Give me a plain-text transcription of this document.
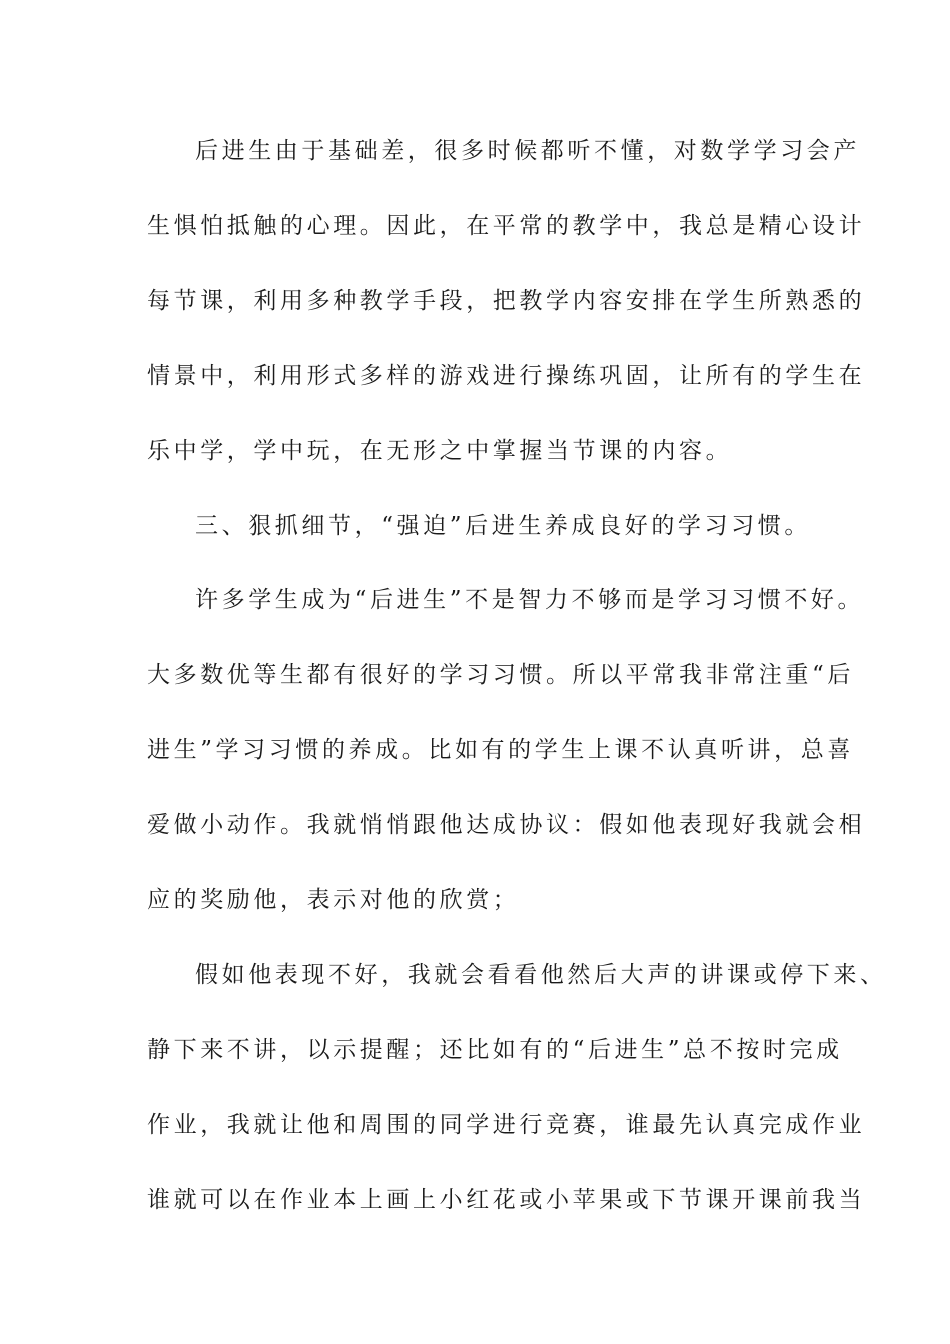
后进生由于基础差，很多时候都听不懂，对数学学习会产
生惧怕抵触的心理。因此，在平常的教学中，我总是精心设计
每节课，利用多种教学手段，把教学内容安排在学生所熟悉的
情景中，利用形式多样的游戏进行操练巩固，让所有的学生在
乐中学，学中玩，在无形之中掌握当节课的内容。
三、狠抓细节，“强迫”后进生养成良好的学习习惯。
许多学生成为“后进生”不是智力不够而是学习习惯不好。
大多数优等生都有很好的学习习惯。所以平常我非常注重“后
进生”学习习惯的养成。比如有的学生上课不认真听讲，总喜
爱做小动作。我就悄悄跟他达成协议：假如他表现好我就会相
应的奖励他，表示对他的欣赏；
假如他表现不好，我就会看看他然后大声的讲课或停下来、
静下来不讲，以示提醒；还比如有的“后进生”总不按时完成
作业，我就让他和周围的同学进行竞赛，谁最先认真完成作业
谁就可以在作业本上画上小红花或小苹果或下节课开课前我当
